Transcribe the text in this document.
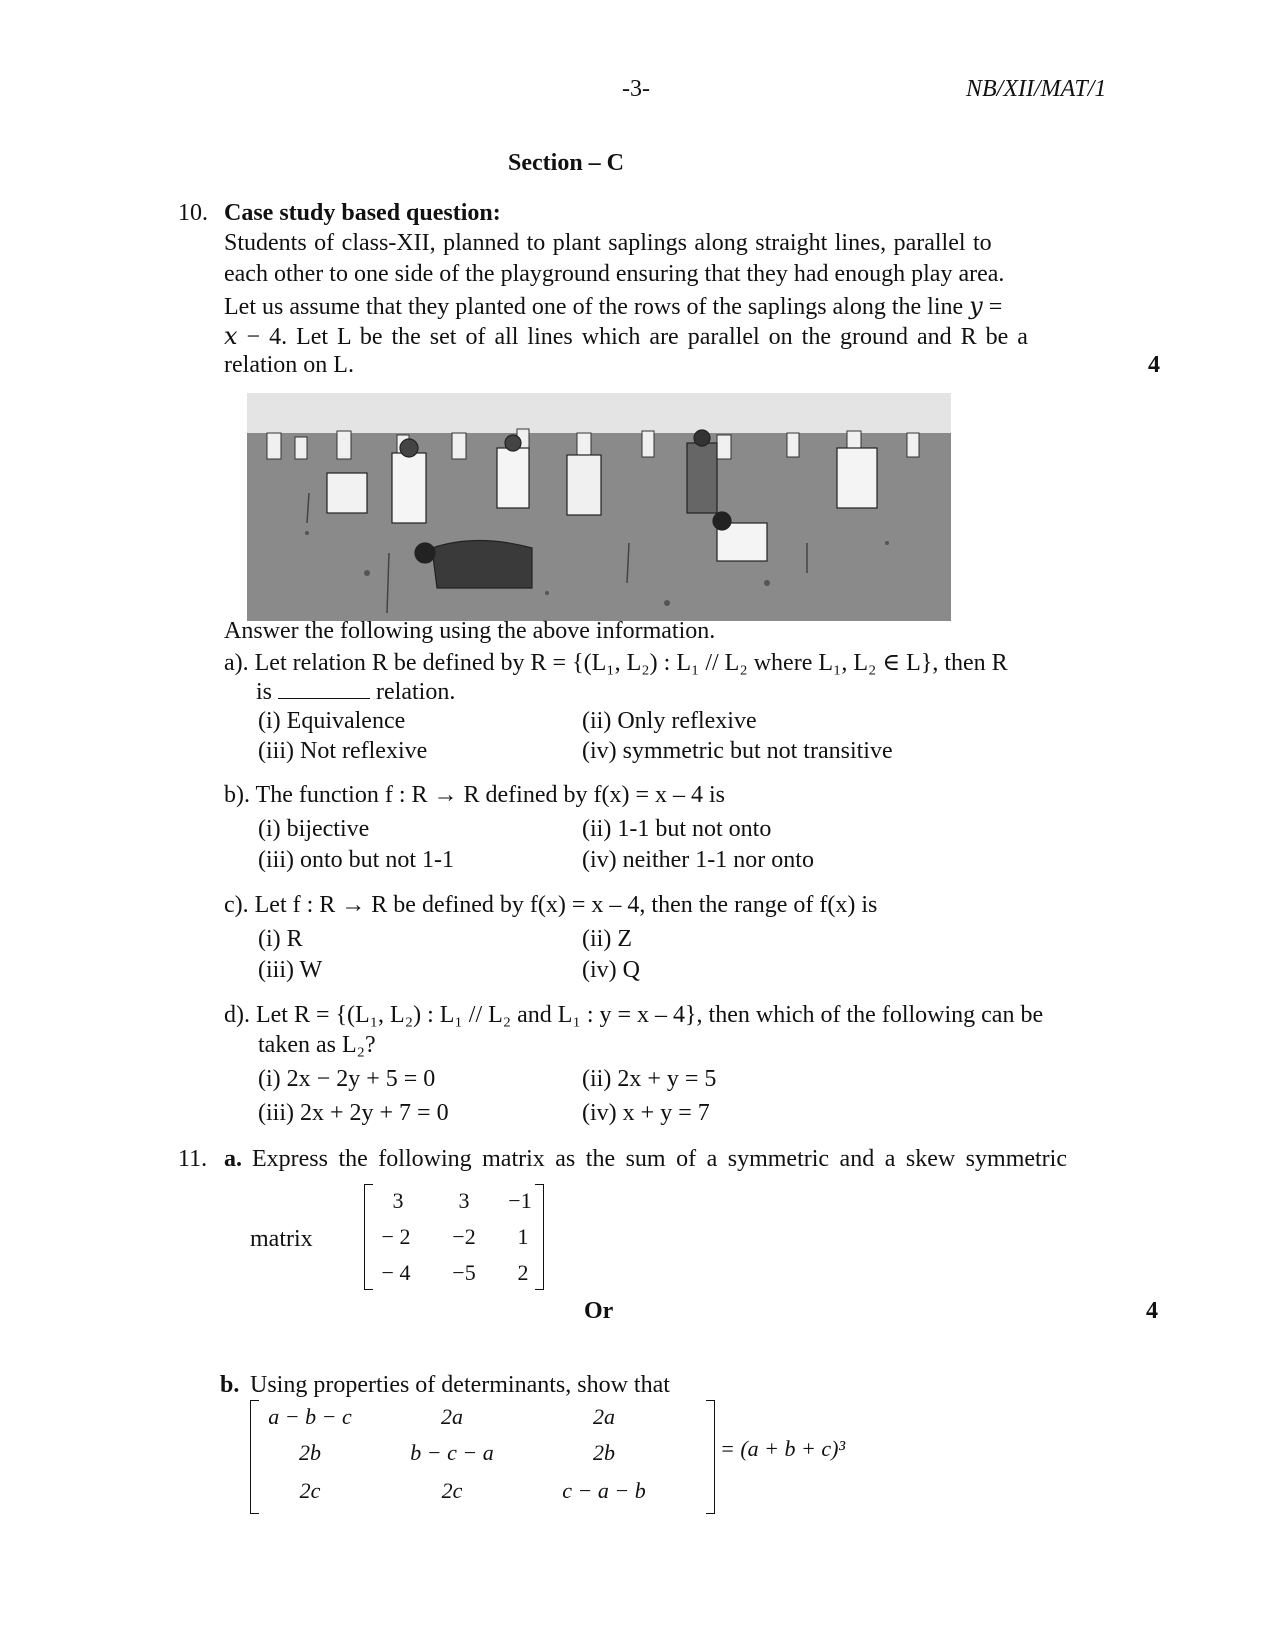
-3-	NB/XII/MAT/1
Section – C
10. Case study based question:
Students of class-XII, planned to plant saplings along straight lines, parallel to
each other to one side of the playground ensuring that they had enough play area.
Let us assume that they planted one of the rows of the saplings along the line 𝑦 =
𝑥 − 4. Let L be the set of all lines which are parallel on the ground and R be a
relation on L.	4
Answer the following using the above information.
a). Let relation R be defined by R = {(L₁, L₂) : L₁ // L₂ where L₁, L₂ ∈ L}, then R
is	relation.
(i) Equivalence	(ii) Only reflexive
(iii) Not reflexive	(iv) symmetric but not transitive
b). The function f : R → R defined by f(x) = x – 4 is
(i) bijective	(ii) 1-1 but not onto
(iii) onto but not 1-1	(iv) neither 1-1 nor onto
c). Let f : R → R be defined by f(x) = x – 4, then the range of f(x) is
(i) R	(ii) Z
(iii) W	(iv) Q
d). Let R = {(L₁, L₂) : L₁ // L₂ and L₁ : y = x – 4}, then which of the following can be
taken as L₂?
(i) 2x − 2y + 5 = 0	(ii) 2x + y = 5
(iii) 2x + 2y + 7 = 0	(iv) x + y = 7
11. a. Express the following matrix as the sum of a symmetric and a skew symmetric
matrix
3	3	−1
− 2	−2	1
− 4	−5	2
Or	4
b. Using properties of determinants, show that
a − b − c	2a	2a
2b	b − c − a	2b
2c	2c	c − a − b
= (a + b + c)³
